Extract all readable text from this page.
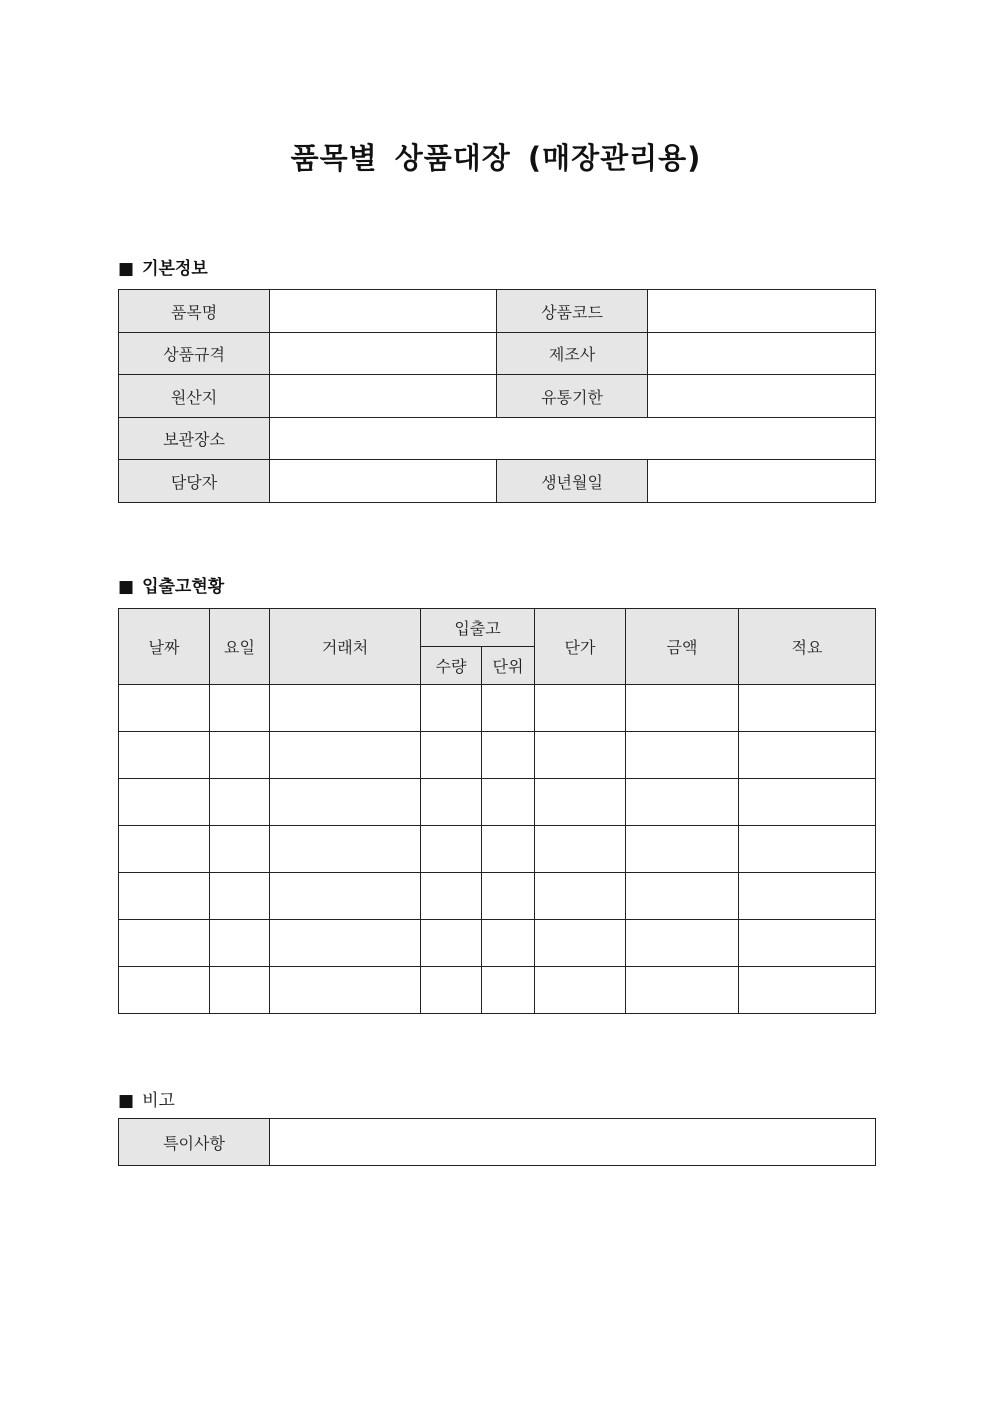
품목별 상품대장 (매장관리용)
■ 기본정보
품목명		상품코드	
상품규격		제조사	
원산지		유통기한	
보관장소			
담당자		생년월일	
■ 입출고현황
날짜	요일	거래처	입출고		단가	금액	적요
			수량	단위			

■ 비고
특이사항	
